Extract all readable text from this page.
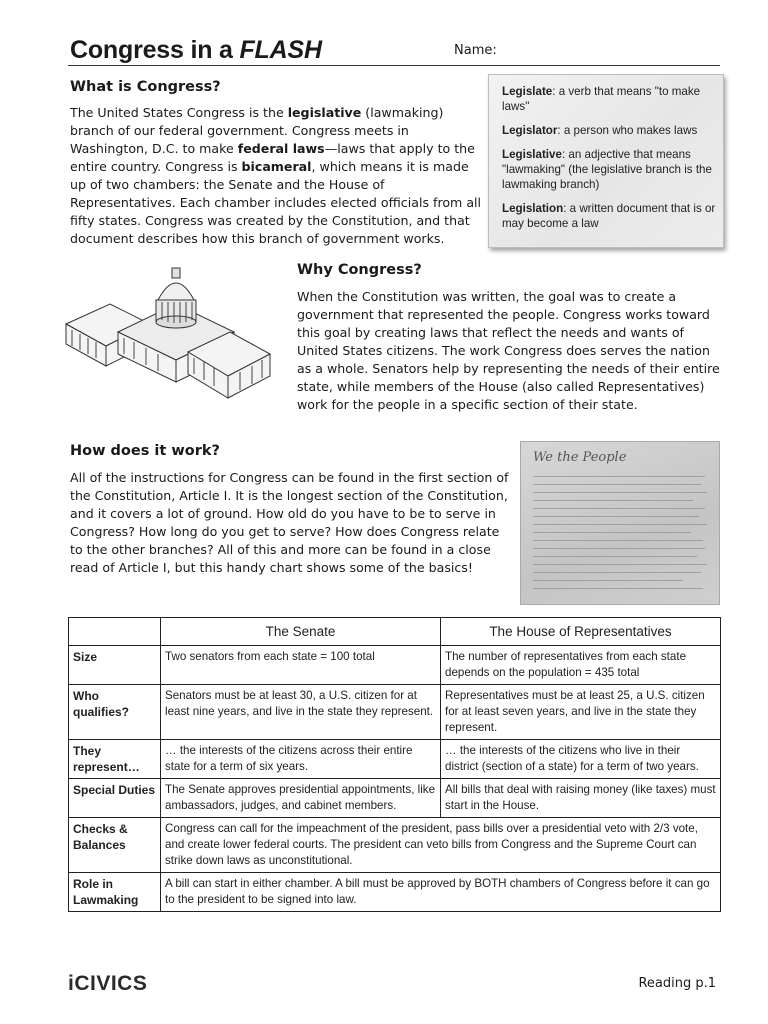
Congress in a FLASH	Name:
What is Congress?
The United States Congress is the legislative (lawmaking) branch of our federal government. Congress meets in Washington, D.C. to make federal laws—laws that apply to the entire country. Congress is bicameral, which means it is made up of two chambers: the Senate and the House of Representatives. Each chamber includes elected officials from all fifty states. Congress was created by the Constitution, and that document describes how this branch of government works.
Legislate: a verb that means "to make laws"
Legislator: a person who makes laws
Legislative: an adjective that means "lawmaking" (the legislative branch is the lawmaking branch)
Legislation: a written document that is or may become a law
Why Congress?
When the Constitution was written, the goal was to create a government that represented the people. Congress works toward this goal by creating laws that reflect the needs and wants of United States citizens. The work Congress does serves the nation as a whole. Senators help by representing the needs of their entire state, while members of the House (also called Representatives) work for the people in a specific section of their state.
How does it work?
All of the instructions for Congress can be found in the first section of the Constitution, Article I. It is the longest section of the Constitution, and it covers a lot of ground. How old do you have to be to serve in Congress? How long do you get to serve? How does Congress relate to the other branches? All of this and more can be found in a close read of Article I, but this handy chart shows some of the basics!
We the People
	The Senate	The House of Representatives
Size	Two senators from each state = 100 total	The number of representatives from each state depends on the population = 435 total
Who qualifies?	Senators must be at least 30, a U.S. citizen for at least nine years, and live in the state they represent.	Representatives must be at least 25, a U.S. citizen for at least seven years, and live in the state they represent.
They represent…	… the interests of the citizens across their entire state for a term of six years.	… the interests of the citizens who live in their district (section of a state) for a term of two years.
Special Duties	The Senate approves presidential appointments, like ambassadors, judges, and cabinet members.	All bills that deal with raising money (like taxes) must start in the House.
Checks & Balances	Congress can call for the impeachment of the president, pass bills over a presidential veto with 2/3 vote, and create lower federal courts. The president can veto bills from Congress and the Supreme Court can strike down laws as unconstitutional.	
Role in Lawmaking	A bill can start in either chamber. A bill must be approved by BOTH chambers of Congress before it can go to the president to be signed into law.	
iCIVICS	Reading p.1
